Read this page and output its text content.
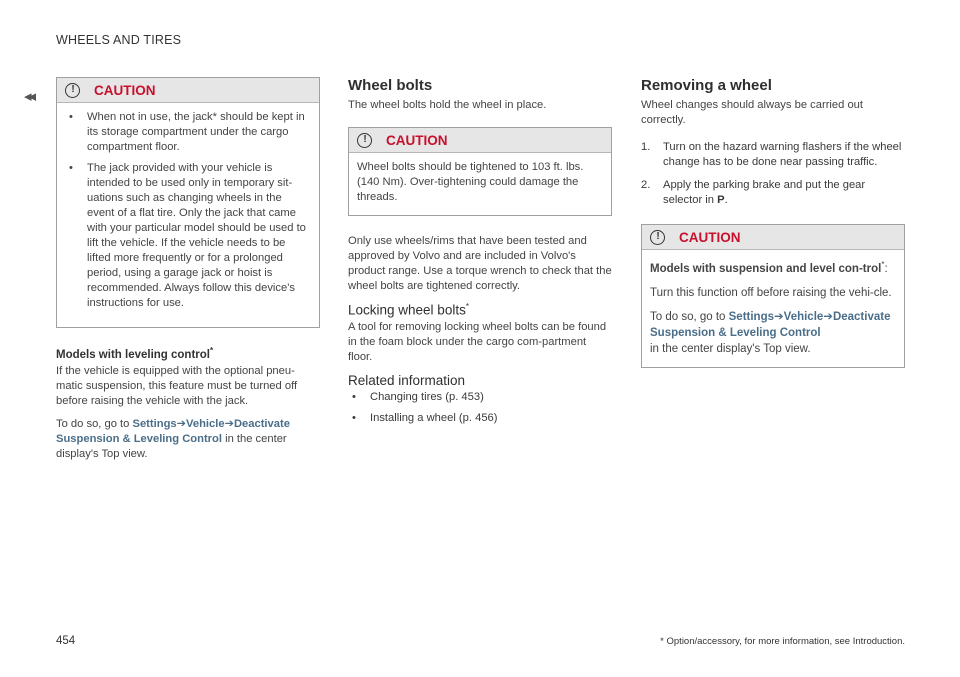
WHEELS AND TIRES
◂◂	!	CAUTION
• When not in use, the jack* should be kept in its storage compartment under the cargo compartment floor.
• The jack provided with your vehicle is intended to be used only in temporary sit-uations such as changing wheels in the event of a flat tire. Only the jack that came with your particular model should be used to lift the vehicle. If the vehicle needs to be lifted more frequently or for a prolonged period, using a garage jack or hoist is recommended. Always follow this device's instructions for use.
Models with leveling control*

If the vehicle is equipped with the optional pneu-matic suspension, this feature must be turned off before raising the vehicle with the jack.

To do so, go to Settings➔Vehicle➔Deactivate Suspension & Leveling Control in the center display's Top view.

Wheel bolts

The wheel bolts hold the wheel in place.

!	CAUTION

Wheel bolts should be tightened to 103 ft. lbs. (140 Nm). Over-tightening could damage the threads.

Only use wheels/rims that have been tested and approved by Volvo and are included in Volvo's product range. Use a torque wrench to check that the wheel bolts are tightened correctly.

Locking wheel bolts*

A tool for removing locking wheel bolts can be found in the foam block under the cargo com-partment floor.

Related information
• Changing tires (p. 453)
• Installing a wheel (p. 456)
Removing a wheel

Wheel changes should always be carried out correctly.

1. Turn on the hazard warning flashers if the wheel change has to be done near passing traffic.
2. Apply the parking brake and put the gear selector in P.
!	CAUTION

Models with suspension and level con-trol*:

Turn this function off before raising the vehi-cle.

To do so, go to Settings➔Vehicle➔Deactivate Suspension & Leveling Control
in the center display's Top view.

454	* Option/accessory, for more information, see Introduction.
